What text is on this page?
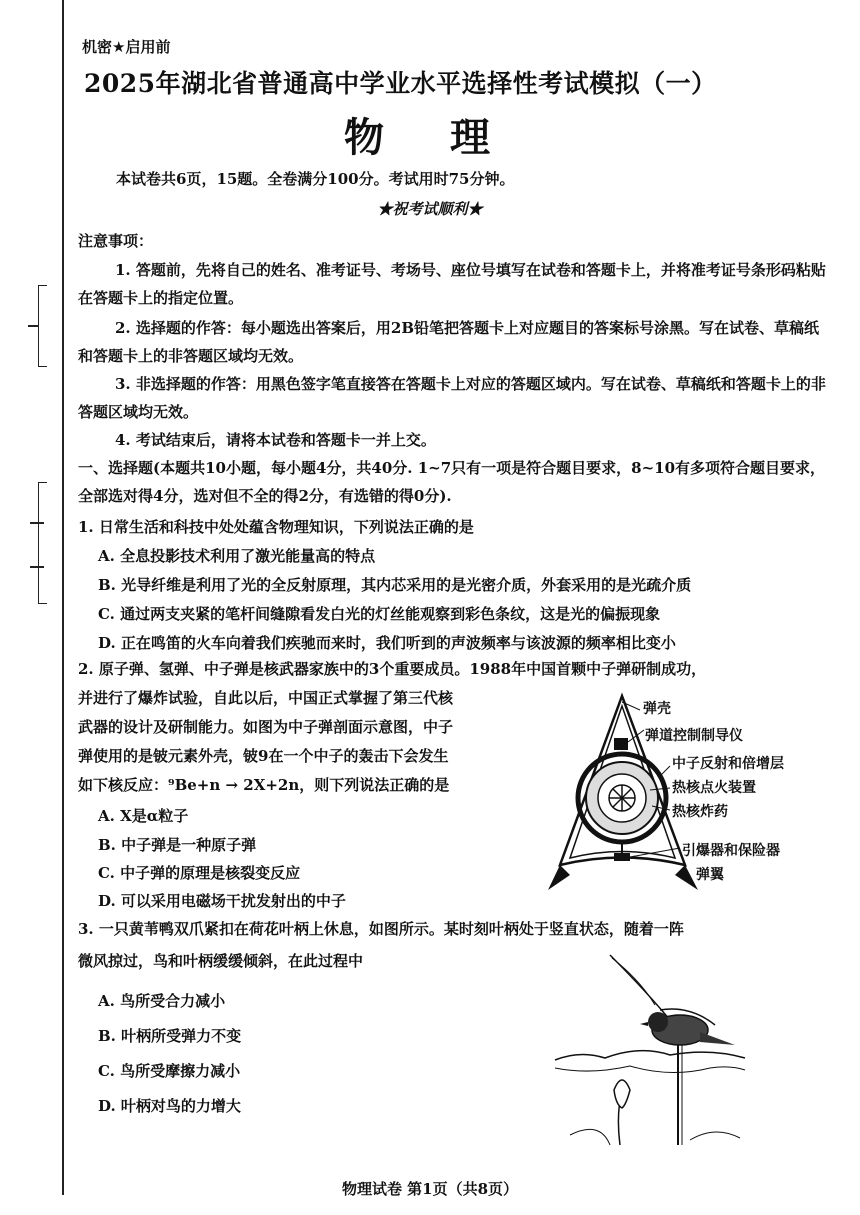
机密★启用前
2025年湖北省普通高中学业水平选择性考试模拟（一）
物 理
本试卷共6页，15题。全卷满分100分。考试用时75分钟。
★祝考试顺利★
注意事项：
1. 答题前，先将自己的姓名、准考证号、考场号、座位号填写在试卷和答题卡上，并将准考证号条形码粘贴在答题卡上的指定位置。
2. 选择题的作答：每小题选出答案后，用2B铅笔把答题卡上对应题目的答案标号涂黑。写在试卷、草稿纸和答题卡上的非答题区域均无效。
3. 非选择题的作答：用黑色签字笔直接答在答题卡上对应的答题区域内。写在试卷、草稿纸和答题卡上的非答题区域均无效。
4. 考试结束后，请将本试卷和答题卡一并上交。
一、选择题(本题共10小题，每小题4分，共40分. 1~7只有一项是符合题目要求，8~10有多项符合题目要求，全部选对得4分，选对但不全的得2分，有选错的得0分).
1. 日常生活和科技中处处蕴含物理知识，下列说法正确的是
A. 全息投影技术利用了激光能量高的特点
B. 光导纤维是利用了光的全反射原理，其内芯采用的是光密介质，外套采用的是光疏介质
C. 通过两支夹紧的笔杆间缝隙看发白光的灯丝能观察到彩色条纹，这是光的偏振现象
D. 正在鸣笛的火车向着我们疾驰而来时，我们听到的声波频率与该波源的频率相比变小
2. 原子弹、氢弹、中子弹是核武器家族中的3个重要成员。1988年中国首颗中子弹研制成功，
并进行了爆炸试验，自此以后，中国正式掌握了第三代核
武器的设计及研制能力。如图为中子弹剖面示意图，中子
弹使用的是铍元素外壳，铍9在一个中子的轰击下会发生
如下核反应：⁹Be+n → 2X+2n，则下列说法正确的是
A. X是α粒子
B. 中子弹是一种原子弹
C. 中子弹的原理是核裂变反应
D. 可以采用电磁场干扰发射出的中子
弹壳
弹道控制制导仪
中子反射和倍增层
热核点火装置
热核炸药
引爆器和保险器
弹翼
3. 一只黄苇鸭双爪紧扣在荷花叶柄上休息，如图所示。某时刻叶柄处于竖直状态，随着一阵
微风掠过，鸟和叶柄缓缓倾斜，在此过程中
A. 鸟所受合力减小
B. 叶柄所受弹力不变
C. 鸟所受摩擦力减小
D. 叶柄对鸟的力增大
物理试卷 第1页（共8页）
